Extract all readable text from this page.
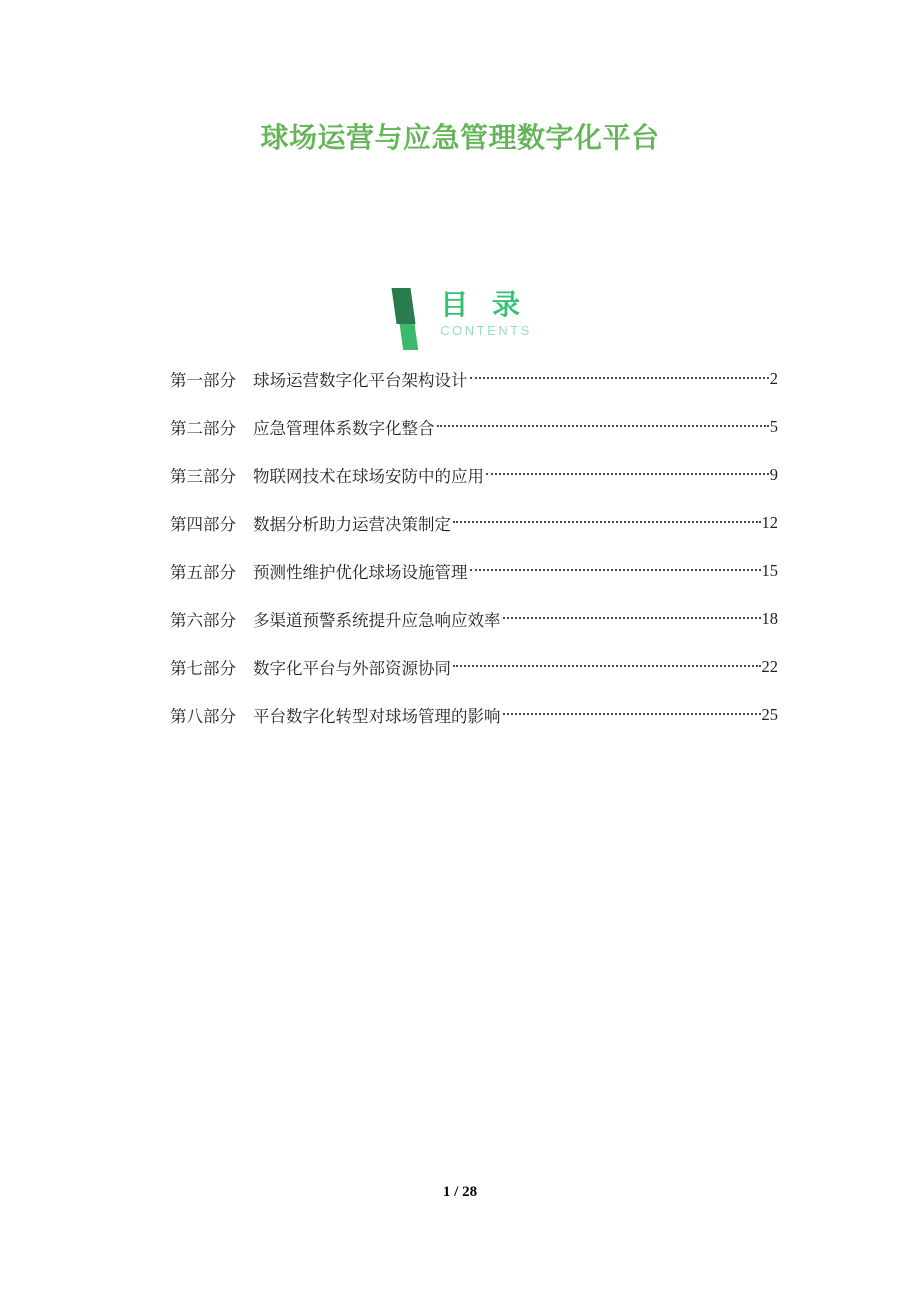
球场运营与应急管理数字化平台
目 录
CONTENTS
第一部分	球场运营数字化平台架构设计	2
第二部分	应急管理体系数字化整合	5
第三部分	物联网技术在球场安防中的应用	9
第四部分	数据分析助力运营决策制定	12
第五部分	预测性维护优化球场设施管理	15
第六部分	多渠道预警系统提升应急响应效率	18
第七部分	数字化平台与外部资源协同	22
第八部分	平台数字化转型对球场管理的影响	25
1 / 28
